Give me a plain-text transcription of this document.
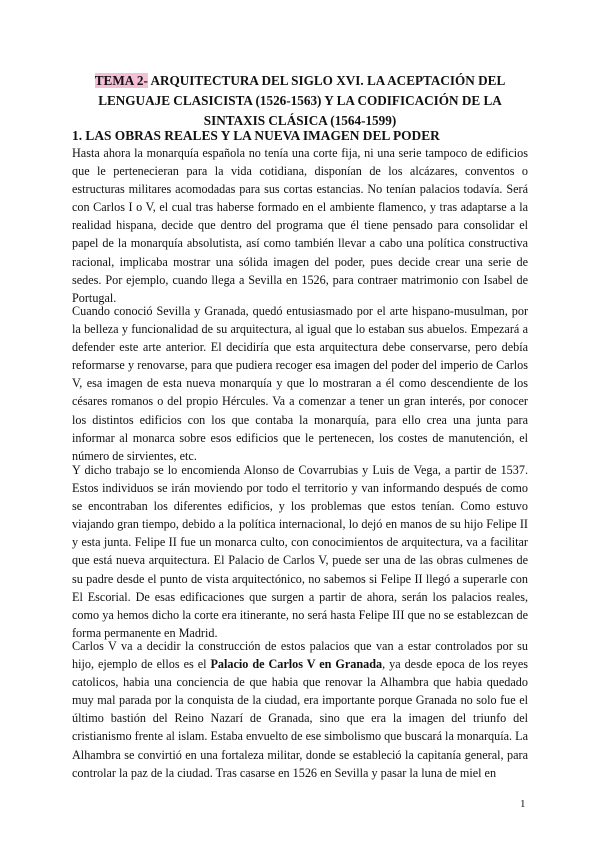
TEMA 2- ARQUITECTURA DEL SIGLO XVI. LA ACEPTACIÓN DEL LENGUAJE CLASICISTA (1526-1563) Y LA CODIFICACIÓN DE LA SINTAXIS CLÁSICA (1564-1599)
1. LAS OBRAS REALES Y LA NUEVA IMAGEN DEL PODER

Hasta ahora la monarquía española no tenía una corte fija, ni una serie tampoco de edificios que le pertenecieran para la vida cotidiana, disponían de los alcázares, conventos o estructuras militares acomodadas para sus cortas estancias. No tenían palacios todavía. Será con Carlos I o V, el cual tras haberse formado en el ambiente flamenco, y tras adaptarse a la realidad hispana, decide que dentro del programa que él tiene pensado para consolidar el papel de la monarquía absolutista, así como también llevar a cabo una política constructiva racional, implicaba mostrar una sólida imagen del poder, pues decide crear una serie de sedes. Por ejemplo, cuando llega a Sevilla en 1526, para contraer matrimonio con Isabel de Portugal.

Cuando conoció Sevilla y Granada, quedó entusiasmado por el arte hispano-musulman, por la belleza y funcionalidad de su arquitectura, al igual que lo estaban sus abuelos. Empezará a defender este arte anterior. El decidiría que esta arquitectura debe conservarse, pero debía reformarse y renovarse, para que pudiera recoger esa imagen del poder del imperio de Carlos V, esa imagen de esta nueva monarquía y que lo mostraran a él como descendiente de los césares romanos o del propio Hércules. Va a comenzar a tener un gran interés, por conocer los distintos edificios con los que contaba la monarquía, para ello crea una junta para informar al monarca sobre esos edificios que le pertenecen, los costes de manutención, el número de sirvientes, etc.

Y dicho trabajo se lo encomienda Alonso de Covarrubias y Luis de Vega, a partir de 1537. Estos individuos se irán moviendo por todo el territorio y van informando después de como se encontraban los diferentes edificios, y los problemas que estos tenían. Como estuvo viajando gran tiempo, debido a la política internacional, lo dejó en manos de su hijo Felipe II y esta junta. Felipe II fue un monarca culto, con conocimientos de arquitectura, va a facilitar que está nueva arquitectura. El Palacio de Carlos V, puede ser una de las obras culmenes de su padre desde el punto de vista arquitectónico, no sabemos si Felipe II llegó a superarle con El Escorial. De esas edificaciones que surgen a partir de ahora, serán los palacios reales, como ya hemos dicho la corte era itinerante, no será hasta Felipe III que no se establezcan de forma permanente en Madrid.

Carlos V va a decidir la construcción de estos palacios que van a estar controlados por su hijo, ejemplo de ellos es el Palacio de Carlos V en Granada, ya desde epoca de los reyes catolicos, habia una conciencia de que habia que renovar la Alhambra que habia quedado muy mal parada por la conquista de la ciudad, era importante porque Granada no solo fue el último bastión del Reino Nazarí de Granada, sino que era la imagen del triunfo del cristianismo frente al islam. Estaba envuelto de ese simbolismo que buscará la monarquía. La Alhambra se convirtió en una fortaleza militar, donde se estableció la capitanía general, para controlar la paz de la ciudad. Tras casarse en 1526 en Sevilla y pasar la luna de miel en

1
